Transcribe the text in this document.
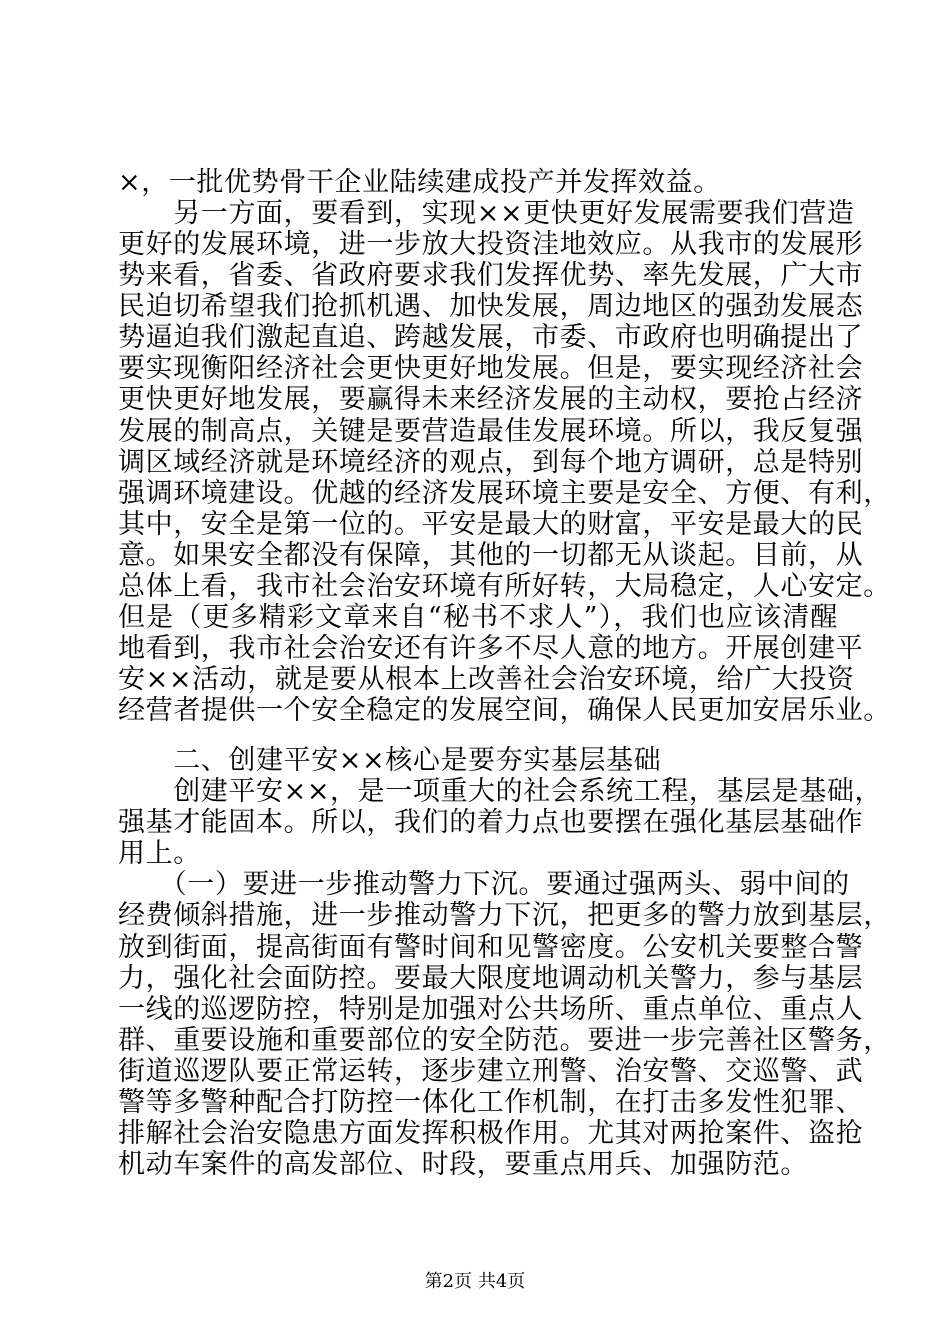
×，一批优势骨干企业陆续建成投产并发挥效益。
　　另一方面，要看到，实现××更快更好发展需要我们营造
更好的发展环境，进一步放大投资洼地效应。从我市的发展形
势来看，省委、省政府要求我们发挥优势、率先发展，广大市
民迫切希望我们抢抓机遇、加快发展，周边地区的强劲发展态
势逼迫我们激起直追、跨越发展，市委、市政府也明确提出了
要实现衡阳经济社会更快更好地发展。但是，要实现经济社会
更快更好地发展，要赢得未来经济发展的主动权，要抢占经济
发展的制高点，关键是要营造最佳发展环境。所以，我反复强
调区域经济就是环境经济的观点，到每个地方调研，总是特别
强调环境建设。优越的经济发展环境主要是安全、方便、有利，
其中，安全是第一位的。平安是最大的财富，平安是最大的民
意。如果安全都没有保障，其他的一切都无从谈起。目前，从
总体上看，我市社会治安环境有所好转，大局稳定，人心安定。
但是（更多精彩文章来自“秘书不求人”），我们也应该清醒
地看到，我市社会治安还有许多不尽人意的地方。开展创建平
安××活动，就是要从根本上改善社会治安环境，给广大投资
经营者提供一个安全稳定的发展空间，确保人民更加安居乐业。
　　二、创建平安××核心是要夯实基层基础
　　创建平安××，是一项重大的社会系统工程，基层是基础，
强基才能固本。所以，我们的着力点也要摆在强化基层基础作
用上。
　　（一）要进一步推动警力下沉。要通过强两头、弱中间的
经费倾斜措施，进一步推动警力下沉，把更多的警力放到基层，
放到街面，提高街面有警时间和见警密度。公安机关要整合警
力，强化社会面防控。要最大限度地调动机关警力，参与基层
一线的巡逻防控，特别是加强对公共场所、重点单位、重点人
群、重要设施和重要部位的安全防范。要进一步完善社区警务，
街道巡逻队要正常运转，逐步建立刑警、治安警、交巡警、武
警等多警种配合打防控一体化工作机制，在打击多发性犯罪、
排解社会治安隐患方面发挥积极作用。尤其对两抢案件、盗抢
机动车案件的高发部位、时段，要重点用兵、加强防范。
第2页 共4页
